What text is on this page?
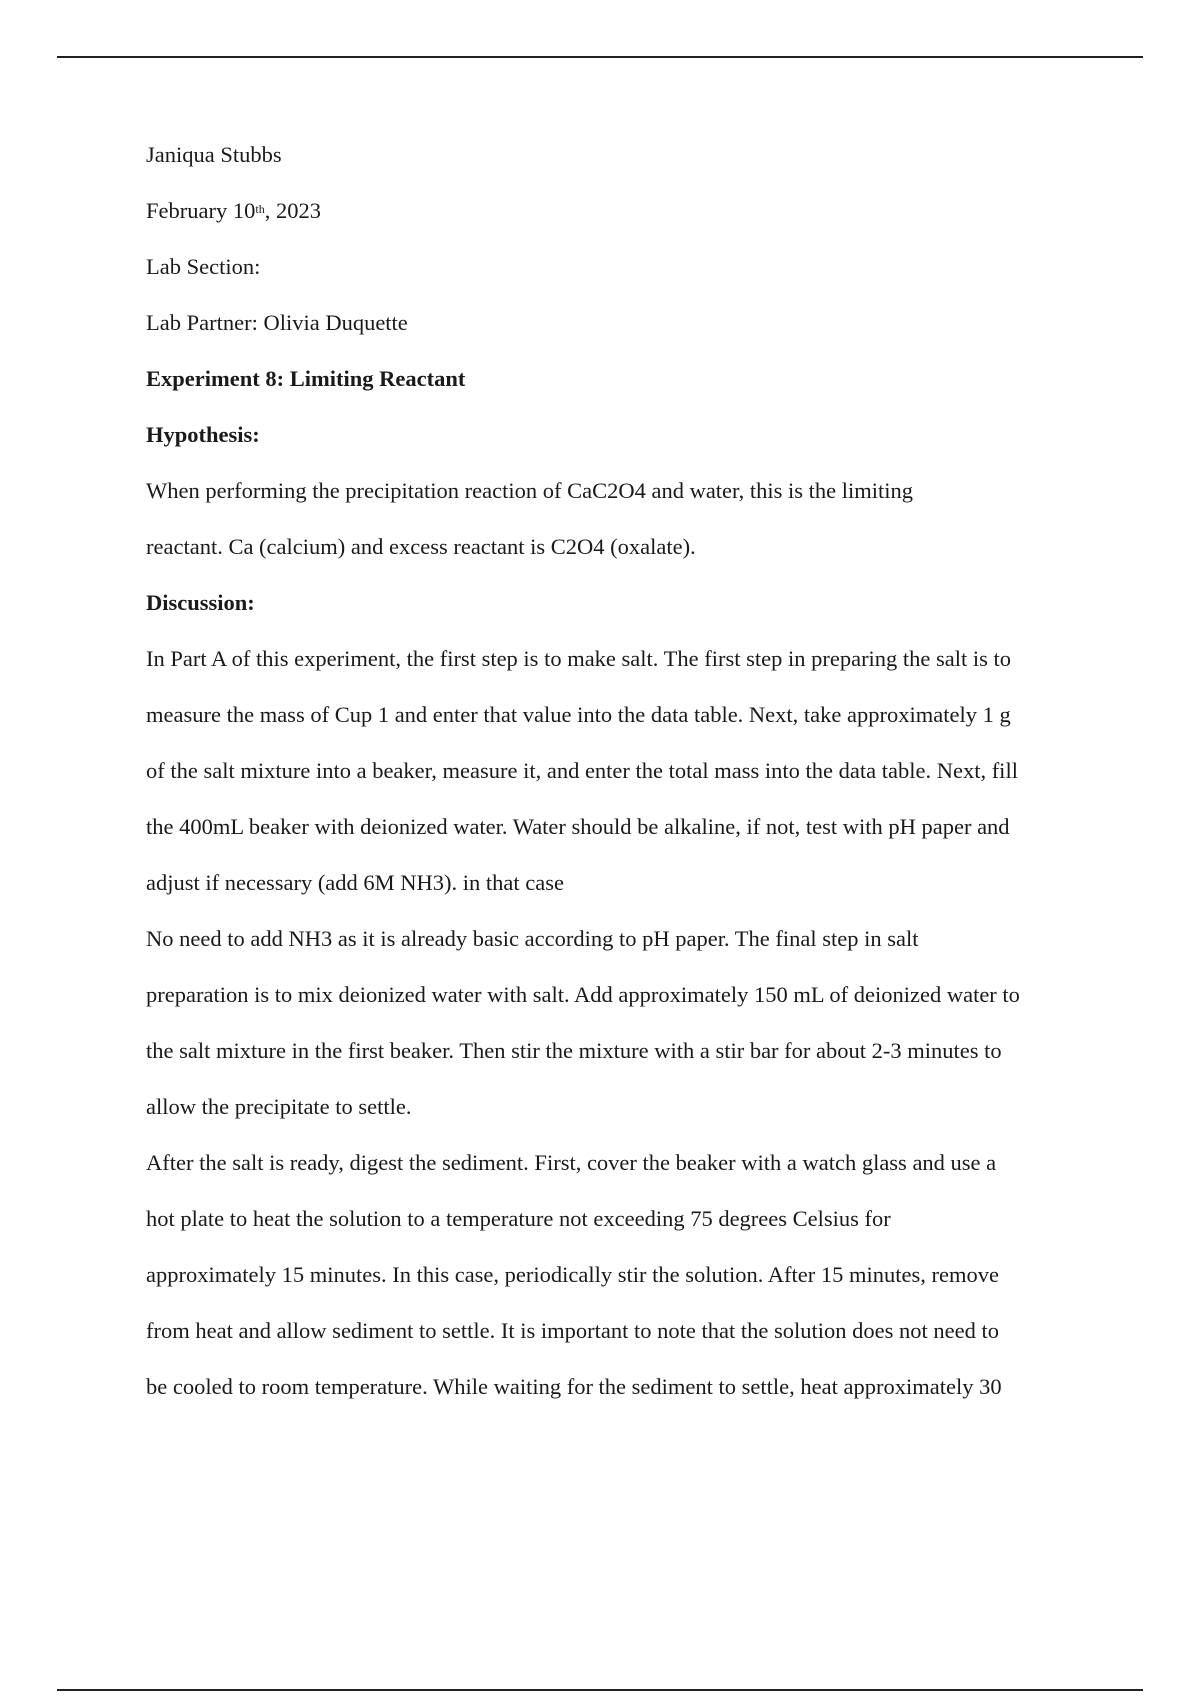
Janiqua Stubbs
February 10th, 2023
Lab Section:
Lab Partner: Olivia Duquette
Experiment 8: Limiting Reactant
Hypothesis:
When performing the precipitation reaction of CaC2O4 and water, this is the limiting
reactant. Ca (calcium) and excess reactant is C2O4 (oxalate).
Discussion:
In Part A of this experiment, the first step is to make salt. The first step in preparing the salt is to
measure the mass of Cup 1 and enter that value into the data table. Next, take approximately 1 g
of the salt mixture into a beaker, measure it, and enter the total mass into the data table. Next, fill
the 400mL beaker with deionized water. Water should be alkaline, if not, test with pH paper and
adjust if necessary (add 6M NH3). in that case
No need to add NH3 as it is already basic according to pH paper. The final step in salt
preparation is to mix deionized water with salt. Add approximately 150 mL of deionized water to
the salt mixture in the first beaker. Then stir the mixture with a stir bar for about 2-3 minutes to
allow the precipitate to settle.
After the salt is ready, digest the sediment. First, cover the beaker with a watch glass and use a
hot plate to heat the solution to a temperature not exceeding 75 degrees Celsius for
approximately 15 minutes. In this case, periodically stir the solution. After 15 minutes, remove
from heat and allow sediment to settle. It is important to note that the solution does not need to
be cooled to room temperature. While waiting for the sediment to settle, heat approximately 30
